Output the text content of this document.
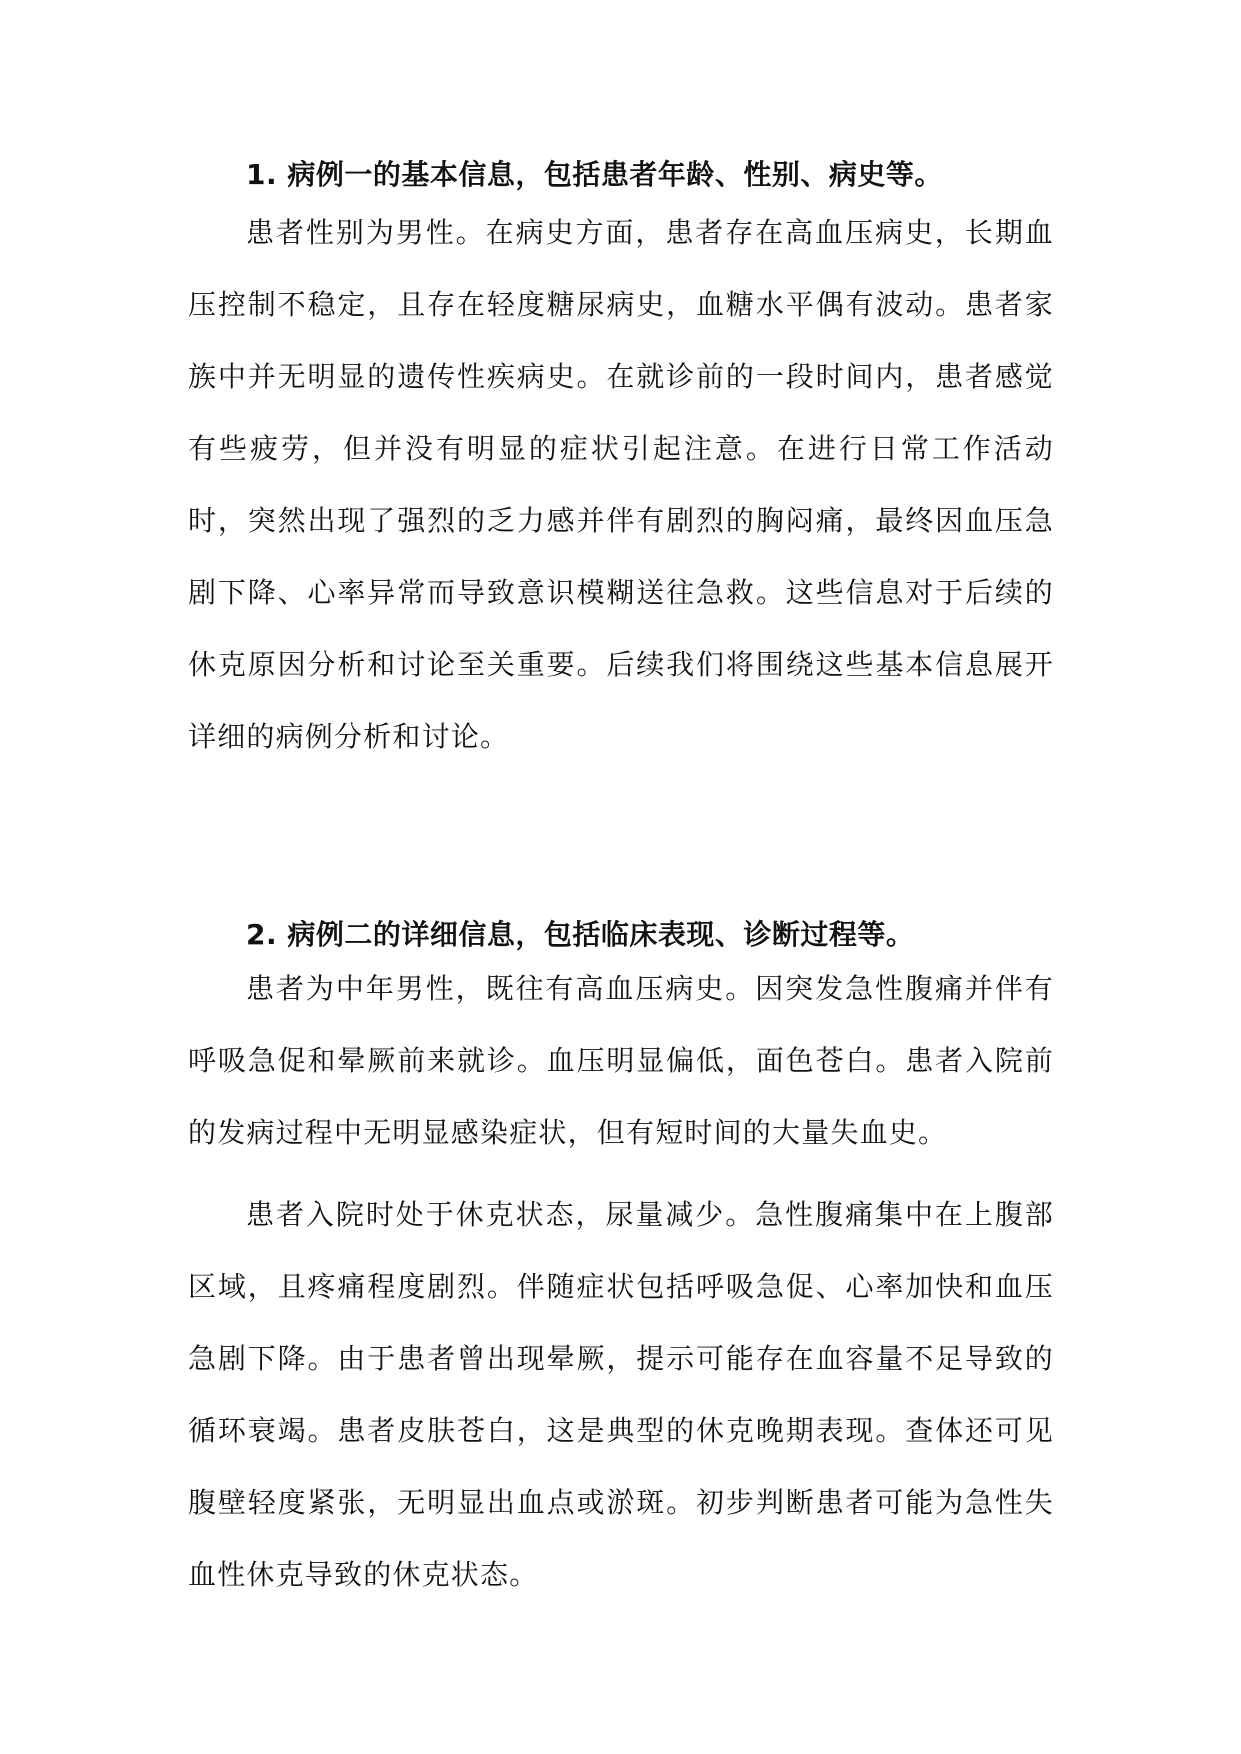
1. 病例一的基本信息，包括患者年龄、性别、病史等。

患者性别为男性。在病史方面，患者存在高血压病史，长期血压控制不稳定，且存在轻度糖尿病史，血糖水平偶有波动。患者家族中并无明显的遗传性疾病史。在就诊前的一段时间内，患者感觉有些疲劳，但并没有明显的症状引起注意。在进行日常工作活动时，突然出现了强烈的乏力感并伴有剧烈的胸闷痛，最终因血压急剧下降、心率异常而导致意识模糊送往急救。这些信息对于后续的休克原因分析和讨论至关重要。后续我们将围绕这些基本信息展开详细的病例分析和讨论。

2. 病例二的详细信息，包括临床表现、诊断过程等。

患者为中年男性，既往有高血压病史。因突发急性腹痛并伴有呼吸急促和晕厥前来就诊。血压明显偏低，面色苍白。患者入院前的发病过程中无明显感染症状，但有短时间的大量失血史。

患者入院时处于休克状态，尿量减少。急性腹痛集中在上腹部区域，且疼痛程度剧烈。伴随症状包括呼吸急促、心率加快和血压急剧下降。由于患者曾出现晕厥，提示可能存在血容量不足导致的循环衰竭。患者皮肤苍白，这是典型的休克晚期表现。查体还可见腹壁轻度紧张，无明显出血点或淤斑。初步判断患者可能为急性失血性休克导致的休克状态。
